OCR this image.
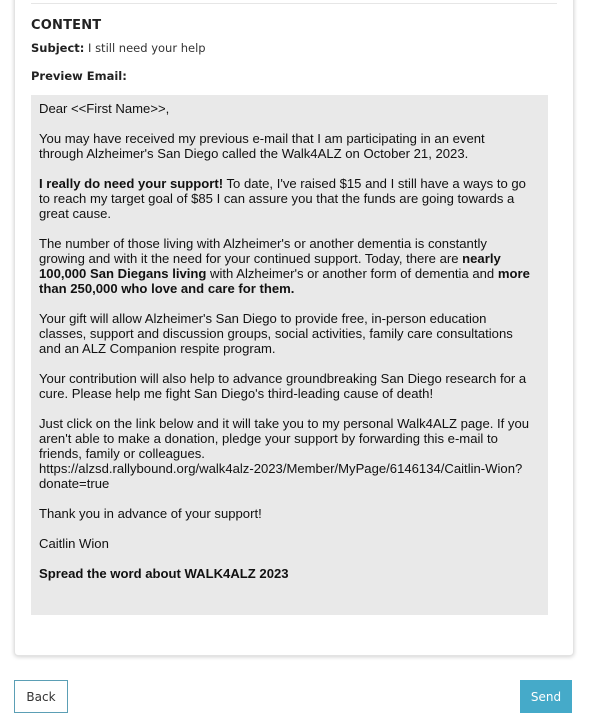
CONTENT
Subject: I still need your help
Preview Email:

Dear <<First Name>>,

You may have received my previous e-mail that I am participating in an event through Alzheimer's San Diego called the Walk4ALZ on October 21, 2023.

I really do need your support! To date, I've raised $15 and I still have a ways to go to reach my target goal of $85 I can assure you that the funds are going towards a great cause.

The number of those living with Alzheimer's or another dementia is constantly growing and with it the need for your continued support. Today, there are nearly 100,000 San Diegans living with Alzheimer's or another form of dementia and more than 250,000 who love and care for them.

Your gift will allow Alzheimer's San Diego to provide free, in-person education classes, support and discussion groups, social activities, family care consultations and an ALZ Companion respite program.

Your contribution will also help to advance groundbreaking San Diego research for a cure. Please help me fight San Diego's third-leading cause of death!

Just click on the link below and it will take you to my personal Walk4ALZ page. If you aren't able to make a donation, pledge your support by forwarding this e-mail to friends, family or colleagues.
https://alzsd.rallybound.org/walk4alz-2023/Member/MyPage/6146134/Caitlin-Wion?donate=true

Thank you in advance of your support!

Caitlin Wion

Spread the word about WALK4ALZ 2023

Back	Send
